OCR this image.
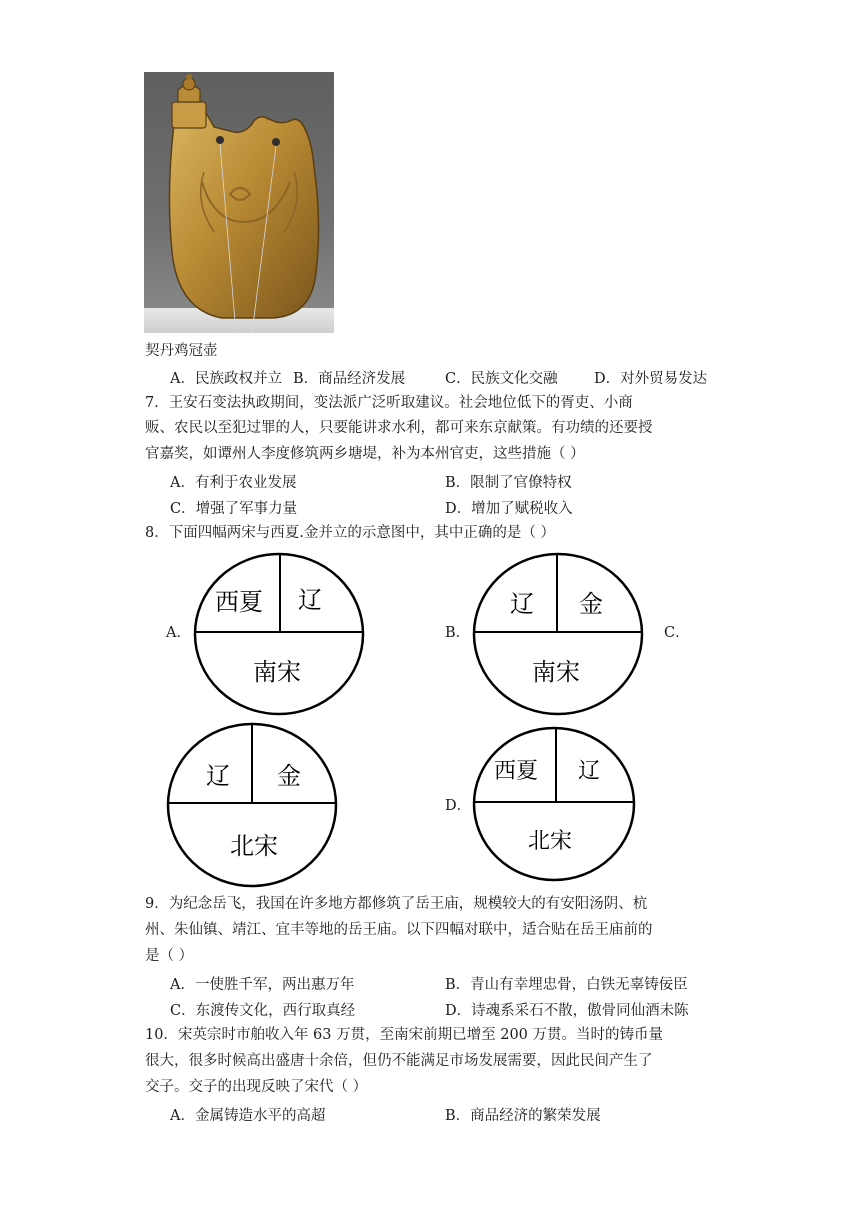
契丹鸡冠壶
A．民族政权并立 B．商品经济发展	C．民族文化交融	D．对外贸易发达
7．王安石变法执政期间，变法派广泛听取建议。社会地位低下的胥吏、小商
贩、农民以至犯过罪的人，只要能讲求水利，都可来东京献策。有功绩的还要授
官嘉奖，如谭州人李度修筑两乡塘堤，补为本州官吏，这些措施（ ）
A．有利于农业发展	B．限制了官僚特权
C．增强了军事力量	D．增加了赋税收入
8．下面四幅两宋与西夏.金并立的示意图中，其中正确的是（ ）
A．	B．	C．
D．
西夏 辽
南宋
辽 金
南宋
辽 金
北宋
西夏 辽
北宋
9．为纪念岳飞，我国在许多地方都修筑了岳王庙，规模较大的有安阳汤阴、杭
州、朱仙镇、靖江、宜丰等地的岳王庙。以下四幅对联中，适合贴在岳王庙前的
是（ ）
A．一使胜千军，两出惠万年	B．青山有幸埋忠骨，白铁无辜铸佞臣
C．东渡传文化，西行取真经	D．诗魂系采石不散，傲骨同仙酒未陈
10．宋英宗时市舶收入年 63 万贯，至南宋前期已增至 200 万贯。当时的铸币量
很大，很多时候高出盛唐十余倍，但仍不能满足市场发展需要，因此民间产生了
交子。交子的出现反映了宋代（ ）
A．金属铸造水平的高超	B．商品经济的繁荣发展
